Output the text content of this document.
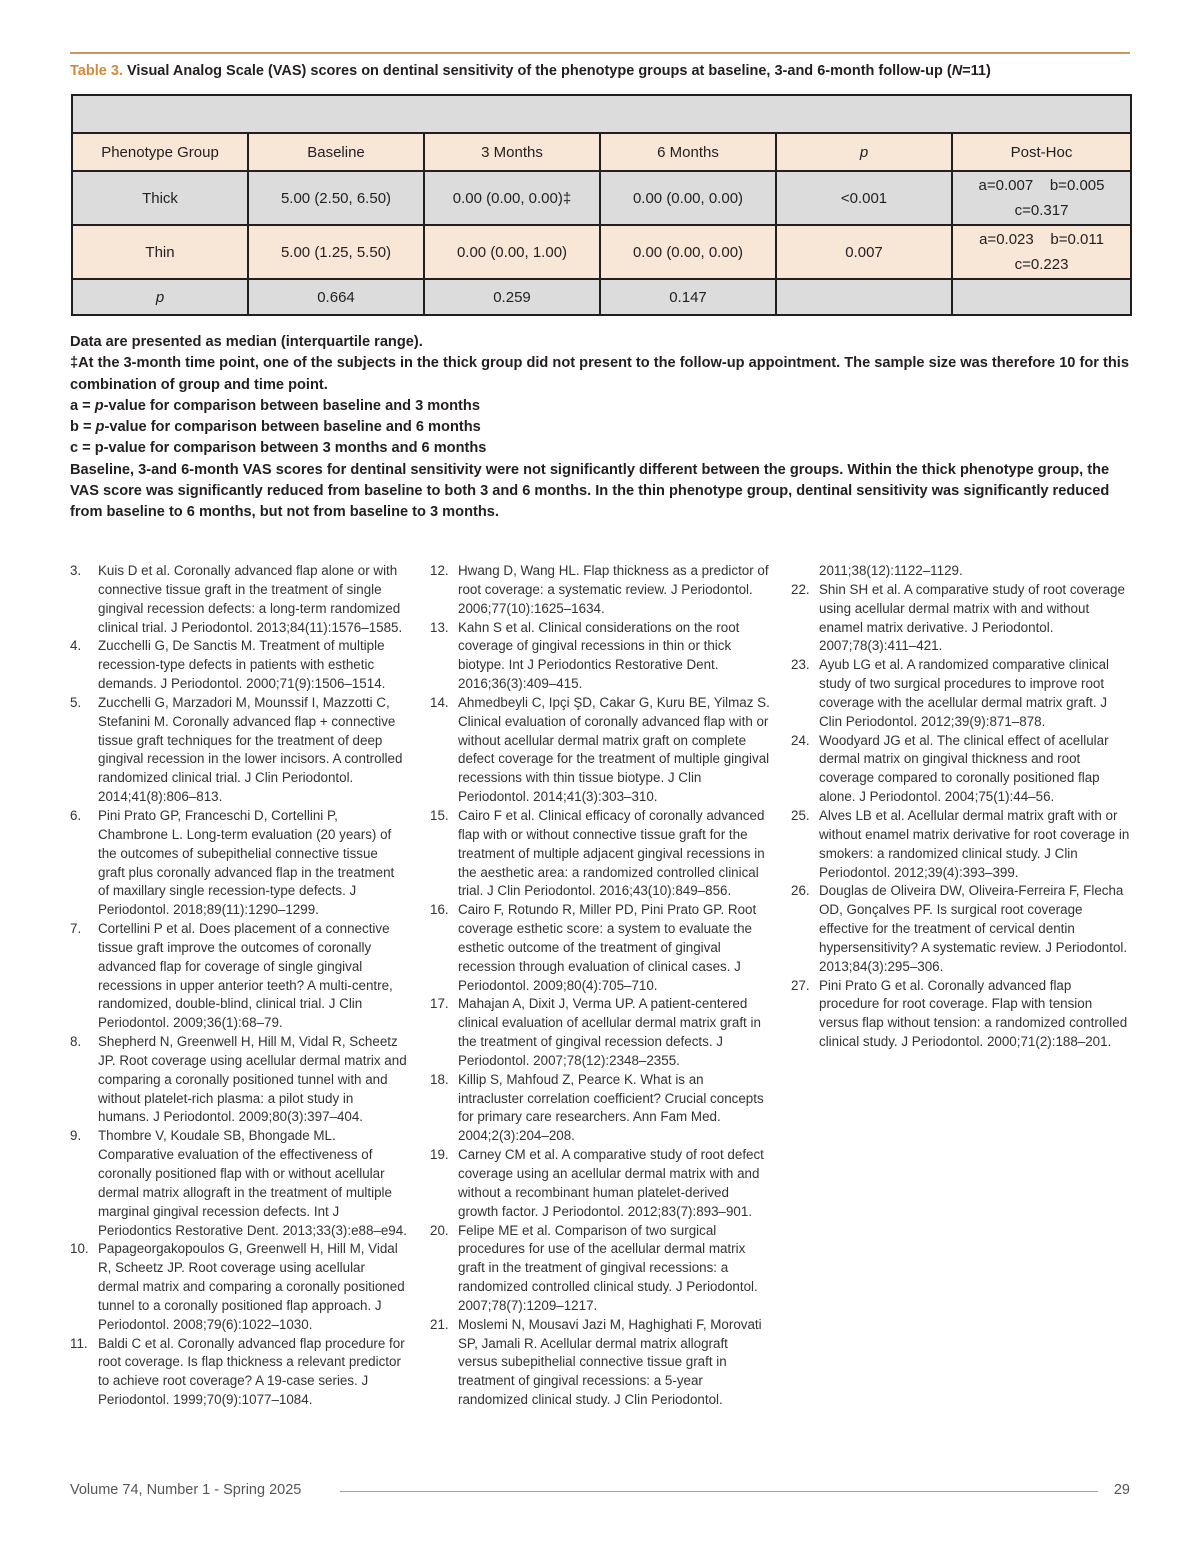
Table 3. Visual Analog Scale (VAS) scores on dentinal sensitivity of the phenotype groups at baseline, 3-and 6-month follow-up (N=11)

Phenotype Group	Baseline	3 Months	6 Months	p	Post-Hoc
Thick	5.00 (2.50, 6.50)	0.00 (0.00, 0.00)‡	0.00 (0.00, 0.00)	<0.001	a=0.007 b=0.005
c=0.317
Thin	5.00 (1.25, 5.50)	0.00 (0.00, 1.00)	0.00 (0.00, 0.00)	0.007	a=0.023 b=0.011
c=0.223
p	0.664	0.259	0.147		

Data are presented as median (interquartile range).

‡At the 3-month time point, one of the subjects in the thick group did not present to the follow-up appointment. The sample size was therefore 10 for this combination of group and time point.

a = p-value for comparison between baseline and 3 months

b = p-value for comparison between baseline and 6 months

c = p-value for comparison between 3 months and 6 months

Baseline, 3-and 6-month VAS scores for dentinal sensitivity were not significantly different between the groups. Within the thick phenotype group, the VAS score was significantly reduced from baseline to both 3 and 6 months. In the thin phenotype group, dentinal sensitivity was significantly reduced from baseline to 6 months, but not from baseline to 3 months.

3.	Kuis D et al. Coronally advanced flap alone or with connective tissue graft in the treatment of single gingival recession defects: a long-term randomized clinical trial. J Periodontol. 2013;84(11):1576–1585.
4.	Zucchelli G, De Sanctis M. Treatment of multiple recession-type defects in patients with esthetic demands. J Periodontol. 2000;71(9):1506–1514.
5.	Zucchelli G, Marzadori M, Mounssif I, Mazzotti C, Stefanini M. Coronally advanced flap + connective tissue graft techniques for the treatment of deep gingival recession in the lower incisors. A controlled randomized clinical trial. J Clin Periodontol. 2014;41(8):806–813.
6.	Pini Prato GP, Franceschi D, Cortellini P, Chambrone L. Long-term evaluation (20 years) of the outcomes of subepithelial connective tissue graft plus coronally advanced flap in the treatment of maxillary single recession-type defects. J Periodontol. 2018;89(11):1290–1299.
7.	Cortellini P et al. Does placement of a connective tissue graft improve the outcomes of coronally advanced flap for coverage of single gingival recessions in upper anterior teeth? A multi-centre, randomized, double-blind, clinical trial. J Clin Periodontol. 2009;36(1):68–79.
8.	Shepherd N, Greenwell H, Hill M, Vidal R, Scheetz JP. Root coverage using acellular dermal matrix and comparing a coronally positioned tunnel with and without platelet-rich plasma: a pilot study in humans. J Periodontol. 2009;80(3):397–404.
9.	Thombre V, Koudale SB, Bhongade ML. Comparative evaluation of the effectiveness of coronally positioned flap with or without acellular dermal matrix allograft in the treatment of multiple marginal gingival recession defects. Int J Periodontics Restorative Dent. 2013;33(3):e88–e94.
10. Papageorgakopoulos G, Greenwell H, Hill M, Vidal R, Scheetz JP. Root coverage using acellular dermal matrix and comparing a coronally positioned tunnel to a coronally positioned flap approach. J Periodontol. 2008;79(6):1022–1030.
11. Baldi C et al. Coronally advanced flap procedure for root coverage. Is flap thickness a relevant predictor to achieve root coverage? A 19-case series. J Periodontol. 1999;70(9):1077–1084.
12. Hwang D, Wang HL. Flap thickness as a predictor of root coverage: a systematic review. J Periodontol. 2006;77(10):1625–1634.
13. Kahn S et al. Clinical considerations on the root coverage of gingival recessions in thin or thick biotype. Int J Periodontics Restorative Dent. 2016;36(3):409–415.
14. Ahmedbeyli C, Ipçi ŞD, Cakar G, Kuru BE, Yilmaz S. Clinical evaluation of coronally advanced flap with or without acellular dermal matrix graft on complete defect coverage for the treatment of multiple gingival recessions with thin tissue biotype. J Clin Periodontol. 2014;41(3):303–310.
15. Cairo F et al. Clinical efficacy of coronally advanced flap with or without connective tissue graft for the treatment of multiple adjacent gingival recessions in the aesthetic area: a randomized controlled clinical trial. J Clin Periodontol. 2016;43(10):849–856.
16. Cairo F, Rotundo R, Miller PD, Pini Prato GP. Root coverage esthetic score: a system to evaluate the esthetic outcome of the treatment of gingival recession through evaluation of clinical cases. J Periodontol. 2009;80(4):705–710.
17. Mahajan A, Dixit J, Verma UP. A patient-centered clinical evaluation of acellular dermal matrix graft in the treatment of gingival recession defects. J Periodontol. 2007;78(12):2348–2355.
18. Killip S, Mahfoud Z, Pearce K. What is an intracluster correlation coefficient? Crucial concepts for primary care researchers. Ann Fam Med. 2004;2(3):204–208.
19. Carney CM et al. A comparative study of root defect coverage using an acellular dermal matrix with and without a recombinant human platelet-derived growth factor. J Periodontol. 2012;83(7):893–901.
20. Felipe ME et al. Comparison of two surgical procedures for use of the acellular dermal matrix graft in the treatment of gingival recessions: a randomized controlled clinical study. J Periodontol. 2007;78(7):1209–1217.
21. Moslemi N, Mousavi Jazi M, Haghighati F, Morovati SP, Jamali R. Acellular dermal matrix allograft versus subepithelial connective tissue graft in treatment of gingival recessions: a 5-year randomized clinical study. J Clin Periodontol.
2011;38(12):1122–1129.
22. Shin SH et al. A comparative study of root coverage using acellular dermal matrix with and without enamel matrix derivative. J Periodontol. 2007;78(3):411–421.
23. Ayub LG et al. A randomized comparative clinical study of two surgical procedures to improve root coverage with the acellular dermal matrix graft. J Clin Periodontol. 2012;39(9):871–878.
24. Woodyard JG et al. The clinical effect of acellular dermal matrix on gingival thickness and root coverage compared to coronally positioned flap alone. J Periodontol. 2004;75(1):44–56.
25. Alves LB et al. Acellular dermal matrix graft with or without enamel matrix derivative for root coverage in smokers: a randomized clinical study. J Clin Periodontol. 2012;39(4):393–399.
26. Douglas de Oliveira DW, Oliveira-Ferreira F, Flecha OD, Gonçalves PF. Is surgical root coverage effective for the treatment of cervical dentin hypersensitivity? A systematic review. J Periodontol. 2013;84(3):295–306.
27. Pini Prato G et al. Coronally advanced flap procedure for root coverage. Flap with tension versus flap without tension: a randomized controlled clinical study. J Periodontol. 2000;71(2):188–201.
Volume 74, Number 1 - Spring 2025	29
